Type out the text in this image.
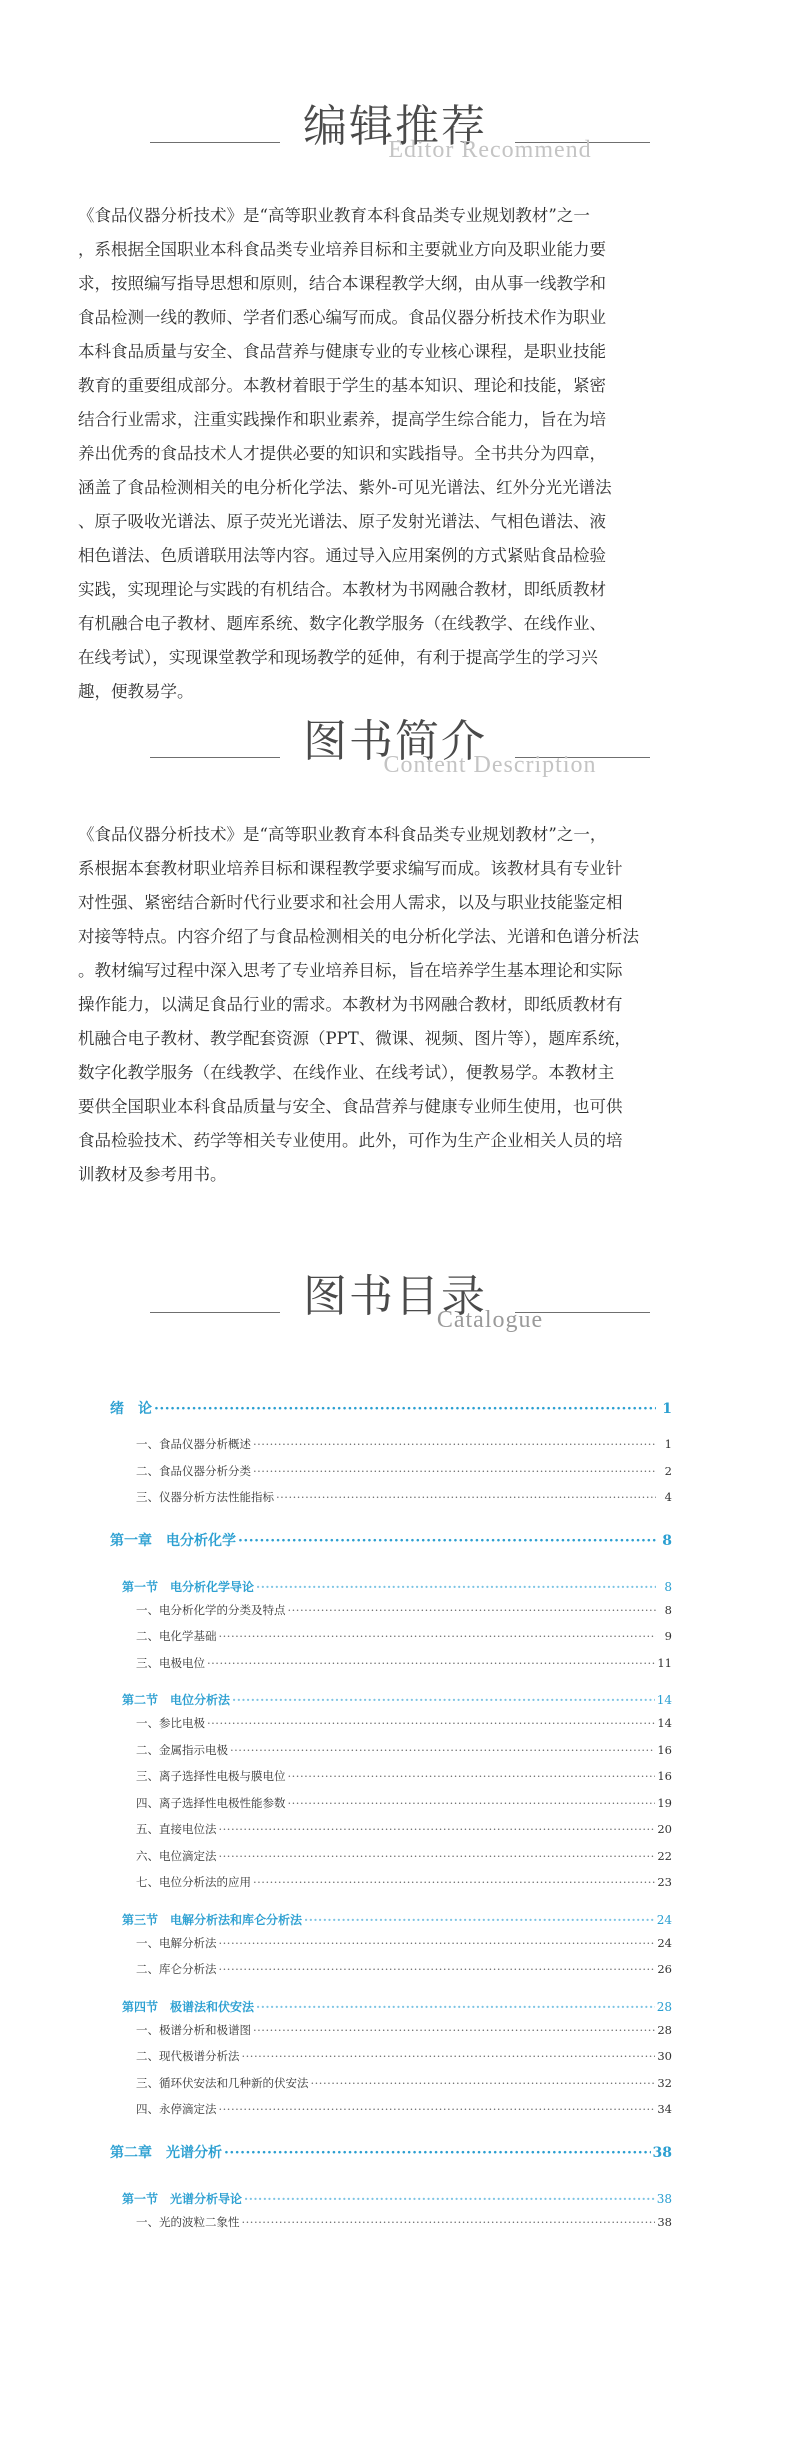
编辑推荐
Editor Recommend
《食品仪器分析技术》是“高等职业教育本科食品类专业规划教材”之一
，系根据全国职业本科食品类专业培养目标和主要就业方向及职业能力要
求，按照编写指导思想和原则，结合本课程教学大纲，由从事一线教学和
食品检测一线的教师、学者们悉心编写而成。食品仪器分析技术作为职业
本科食品质量与安全、食品营养与健康专业的专业核心课程，是职业技能
教育的重要组成部分。本教材着眼于学生的基本知识、理论和技能，紧密
结合行业需求，注重实践操作和职业素养，提高学生综合能力，旨在为培
养出优秀的食品技术人才提供必要的知识和实践指导。全书共分为四章，
涵盖了食品检测相关的电分析化学法、紫外-可见光谱法、红外分光光谱法
、原子吸收光谱法、原子荧光光谱法、原子发射光谱法、气相色谱法、液
相色谱法、色质谱联用法等内容。通过导入应用案例的方式紧贴食品检验
实践，实现理论与实践的有机结合。本教材为书网融合教材，即纸质教材
有机融合电子教材、题库系统、数字化教学服务（在线教学、在线作业、
在线考试），实现课堂教学和现场教学的延伸，有利于提高学生的学习兴
趣，便教易学。
图书简介
Content Description
《食品仪器分析技术》是“高等职业教育本科食品类专业规划教材”之一，
系根据本套教材职业培养目标和课程教学要求编写而成。该教材具有专业针
对性强、紧密结合新时代行业要求和社会用人需求，以及与职业技能鉴定相
对接等特点。内容介绍了与食品检测相关的电分析化学法、光谱和色谱分析法
。教材编写过程中深入思考了专业培养目标，旨在培养学生基本理论和实际
操作能力，以满足食品行业的需求。本教材为书网融合教材，即纸质教材有
机融合电子教材、教学配套资源（PPT、微课、视频、图片等），题库系统，
数字化教学服务（在线教学、在线作业、在线考试），便教易学。本教材主
要供全国职业本科食品质量与安全、食品营养与健康专业师生使用，也可供
食品检验技术、药学等相关专业使用。此外，可作为生产企业相关人员的培
训教材及参考用书。
图书目录
Catalogue
绪　论 ·····	1
一、食品仪器分析概述 ·····	1
二、食品仪器分析分类 ·····	2
三、仪器分析方法性能指标 ·····	4
第一章　电分析化学 ·····	8
第一节　电分析化学导论 ·····	8
一、电分析化学的分类及特点 ·····	8
二、电化学基础 ·····	9
三、电极电位 ·····	11
第二节　电位分析法 ·····	14
一、参比电极 ·····	14
二、金属指示电极 ·····	16
三、离子选择性电极与膜电位 ·····	16
四、离子选择性电极性能参数 ·····	19
五、直接电位法 ·····	20
六、电位滴定法 ·····	22
七、电位分析法的应用 ·····	23
第三节　电解分析法和库仑分析法 ·····	24
一、电解分析法 ·····	24
二、库仑分析法 ·····	26
第四节　极谱法和伏安法 ·····	28
一、极谱分析和极谱图 ·····	28
二、现代极谱分析法 ·····	30
三、循环伏安法和几种新的伏安法 ·····	32
四、永停滴定法 ·····	34
第二章　光谱分析 ·····	38
第一节　光谱分析导论 ·····	38
一、光的波粒二象性 ·····	38
